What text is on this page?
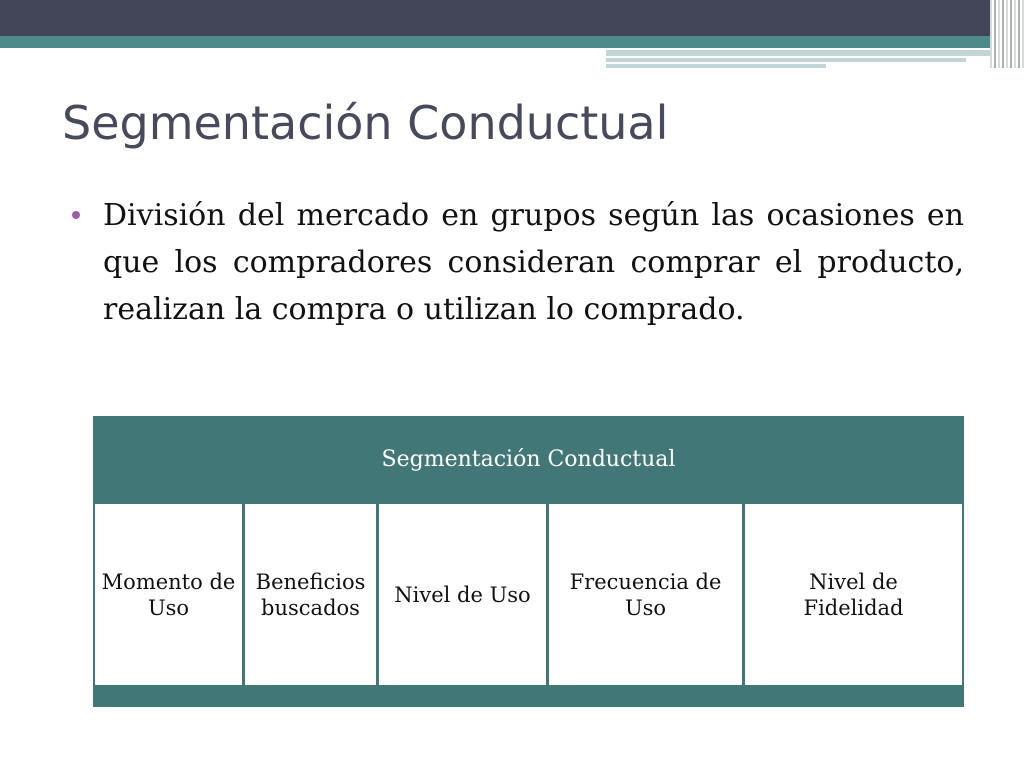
Segmentación Conductual

División del mercado en grupos según las ocasiones en que los compradores consideran comprar el producto, realizan la compra o utilizan lo comprado.

Segmentación Conductual
Momento de Uso
Beneficios buscados
Nivel de Uso
Frecuencia de Uso
Nivel de Fidelidad
